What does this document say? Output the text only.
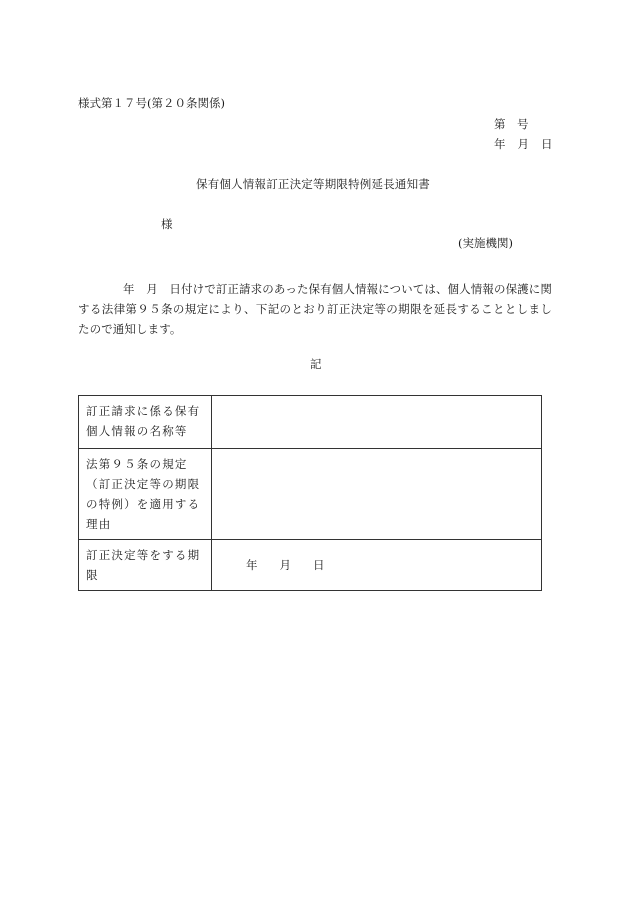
様式第１７号(第２０条関係)
第　号
年 月 日
保有個人情報訂正決定等期限特例延長通知書
様
(実施機関)
年　月　日付けで訂正請求のあった保有個人情報については、個人情報の保護に関する法律第９５条の規定により、下記のとおり訂正決定等の期限を延長することとしましたので通知します。
記
訂正請求に係る保有個人情報の名称等	
法第９５条の規定（訂正決定等の期限の特例）を適用する理由	
訂正決定等をする期限	年 月 日
